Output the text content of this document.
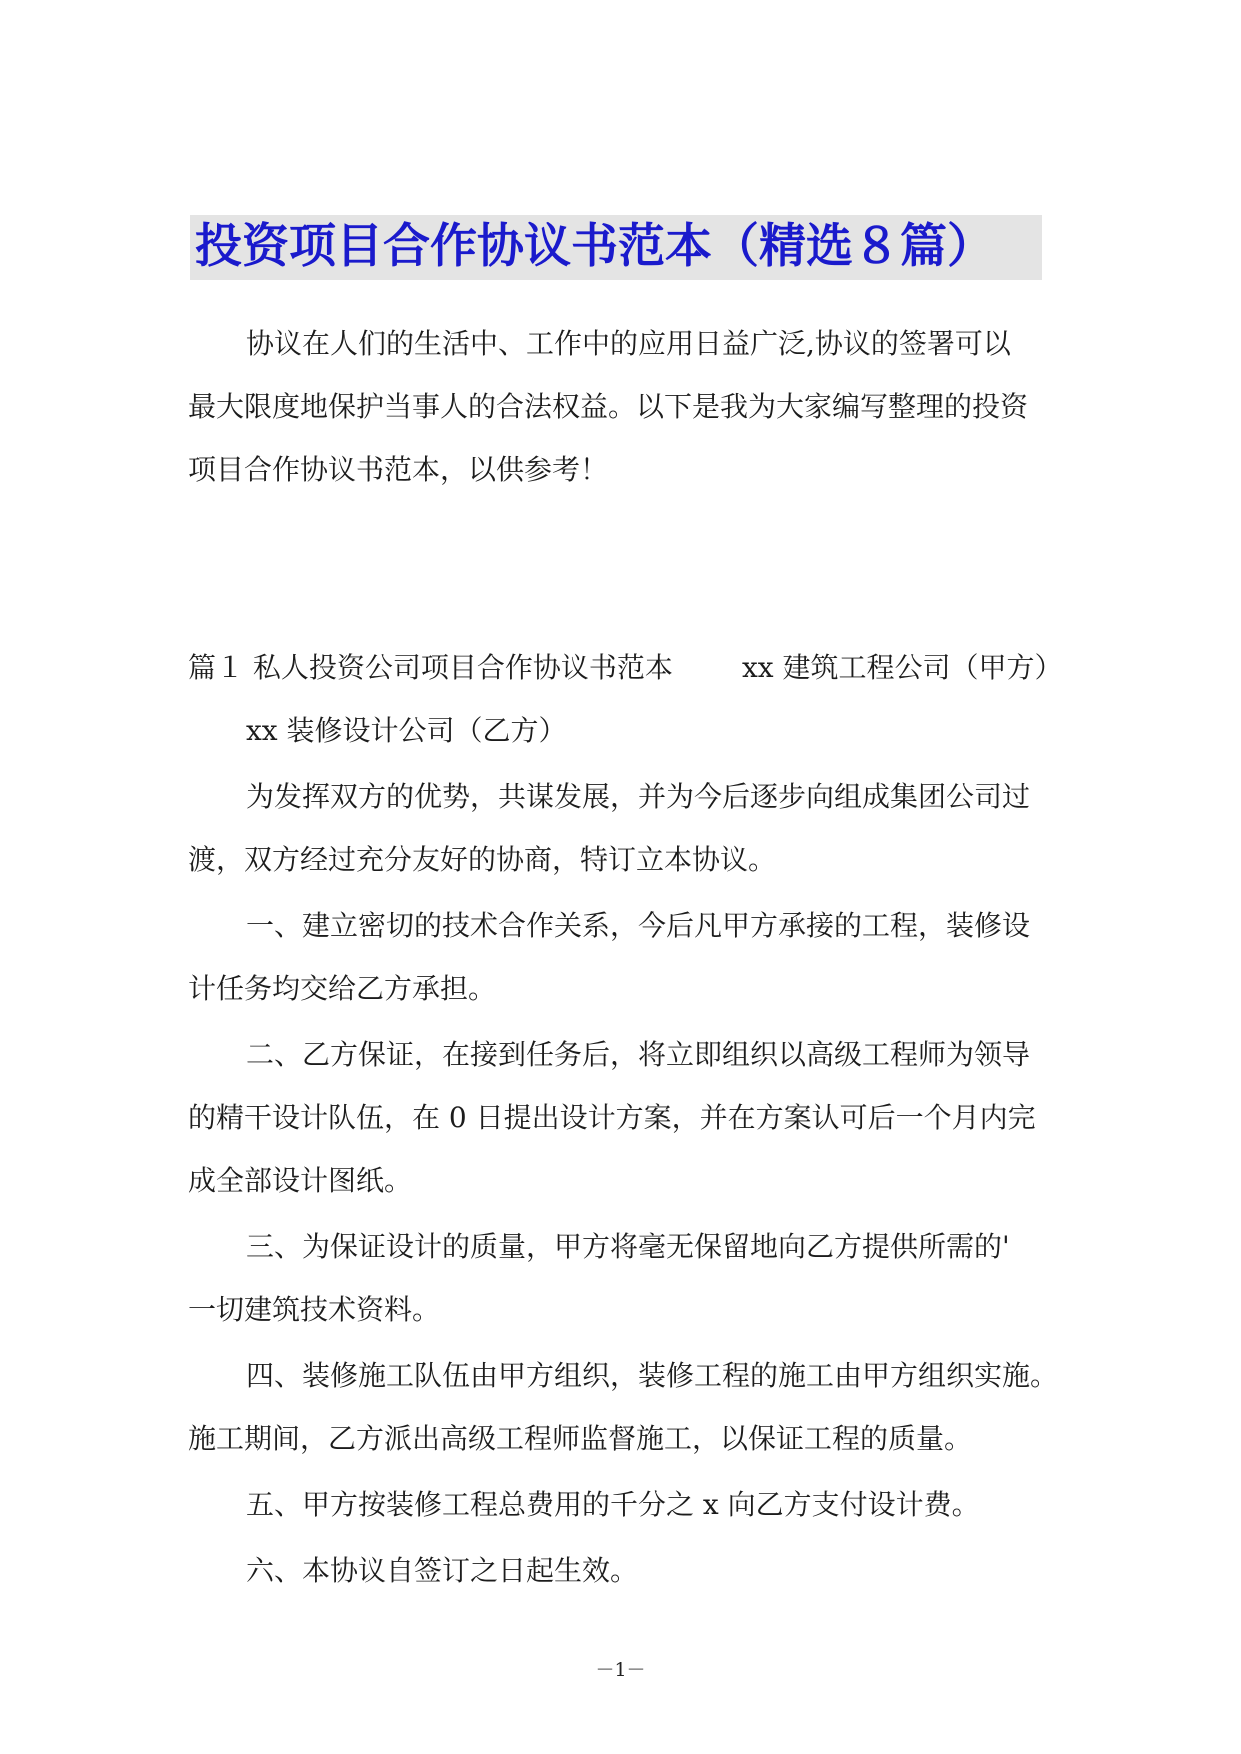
投资项目合作协议书范本（精选８篇）
协议在人们的生活中、工作中的应用日益广泛,协议的签署可以
最大限度地保护当事人的合法权益。以下是我为大家编写整理的投资
项目合作协议书范本，以供参考！
篇１ 私人投资公司项目合作协议书范本 xx 建筑工程公司（甲方）
xx 装修设计公司（乙方）
为发挥双方的优势，共谋发展，并为今后逐步向组成集团公司过
渡，双方经过充分友好的协商，特订立本协议。
一、建立密切的技术合作关系，今后凡甲方承接的工程，装修设
计任务均交给乙方承担。
二、乙方保证，在接到任务后，将立即组织以高级工程师为领导
的精干设计队伍，在 0 日提出设计方案，并在方案认可后一个月内完
成全部设计图纸。
三、为保证设计的质量，甲方将毫无保留地向乙方提供所需的'
一切建筑技术资料。
四、装修施工队伍由甲方组织，装修工程的施工由甲方组织实施。
施工期间，乙方派出高级工程师监督施工，以保证工程的质量。
五、甲方按装修工程总费用的千分之 x 向乙方支付设计费。
六、本协议自签订之日起生效。
－1－
